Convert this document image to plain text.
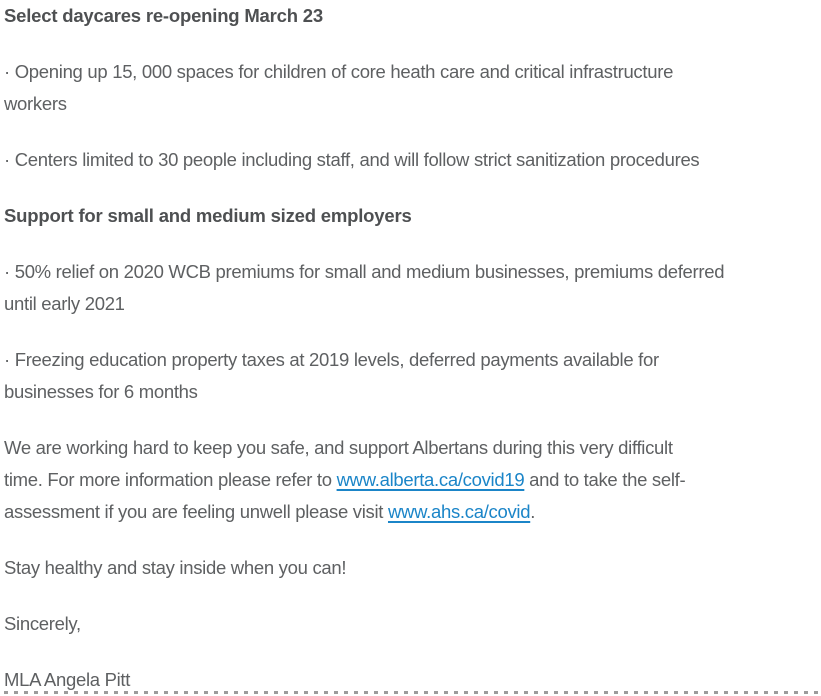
Select daycares re-opening March 23
· Opening up 15, 000 spaces for children of core heath care and critical infrastructure
workers
· Centers limited to 30 people including staff, and will follow strict sanitization procedures
Support for small and medium sized employers
· 50% relief on 2020 WCB premiums for small and medium businesses, premiums deferred
until early 2021
· Freezing education property taxes at 2019 levels, deferred payments available for
businesses for 6 months
We are working hard to keep you safe, and support Albertans during this very difficult
time. For more information please refer to www.alberta.ca/covid19 and to take the self-
assessment if you are feeling unwell please visit www.ahs.ca/covid.
Stay healthy and stay inside when you can!
Sincerely,
MLA Angela Pitt
